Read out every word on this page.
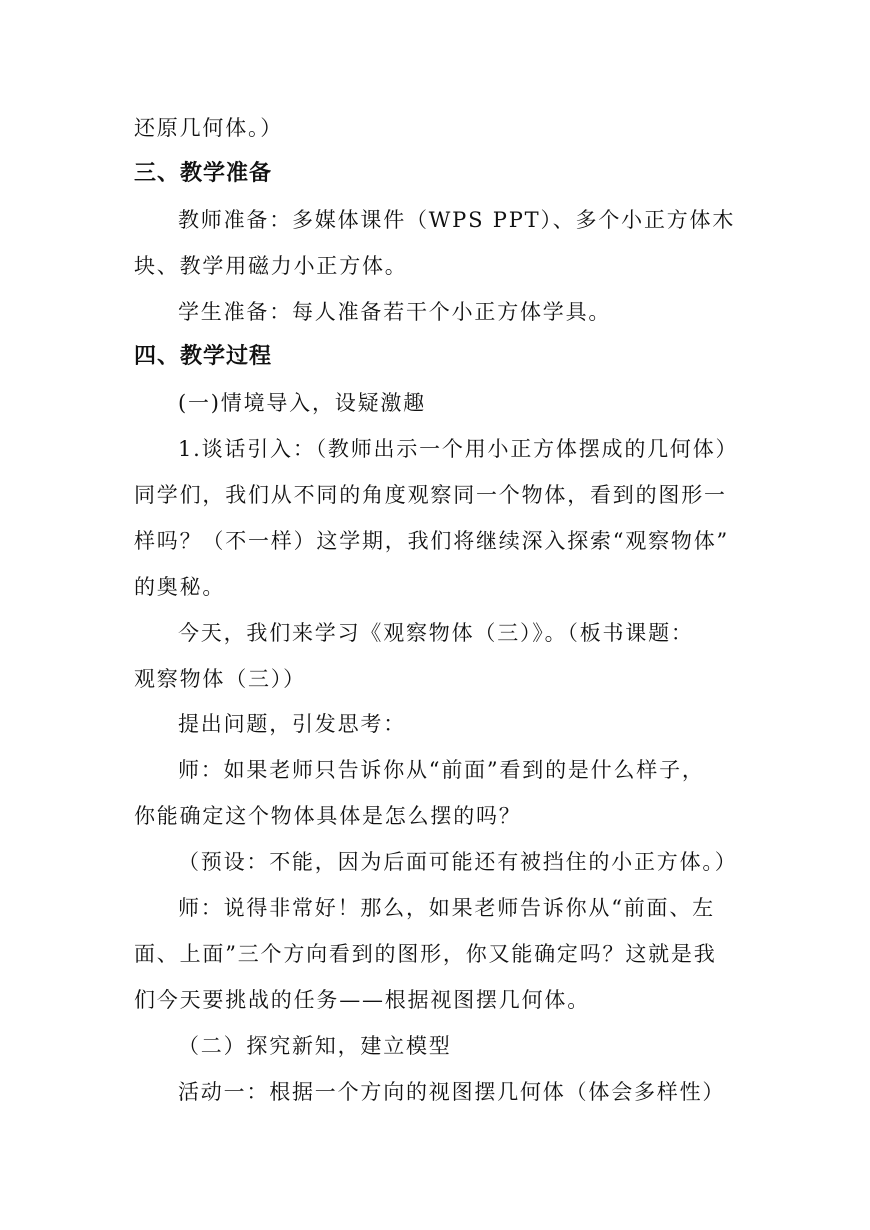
还原几何体。）
三、教学准备
教师准备：多媒体课件（WPS PPT）、多个小正方体木
块、教学用磁力小正方体。
学生准备：每人准备若干个小正方体学具。
四、教学过程
(一)情境导入，设疑激趣
1.谈话引入：（教师出示一个用小正方体摆成的几何体）
同学们，我们从不同的角度观察同一个物体，看到的图形一
样吗？（不一样）这学期，我们将继续深入探索“观察物体”
的奥秘。
今天，我们来学习《观察物体（三）》。（板书课题：
观察物体（三））
提出问题，引发思考：
师：如果老师只告诉你从“前面”看到的是什么样子，
你能确定这个物体具体是怎么摆的吗？
（预设：不能，因为后面可能还有被挡住的小正方体。）
师：说得非常好！那么，如果老师告诉你从“前面、左
面、上面”三个方向看到的图形，你又能确定吗？这就是我
们今天要挑战的任务——根据视图摆几何体。
（二）探究新知，建立模型
活动一：根据一个方向的视图摆几何体（体会多样性）
